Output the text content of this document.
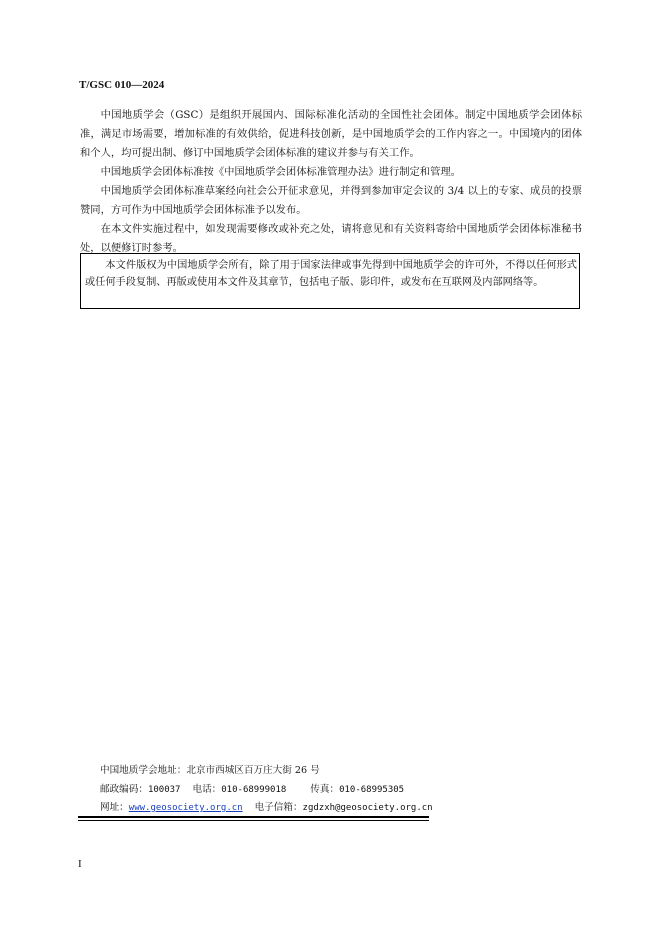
T/GSC 010—2024

中国地质学会（GSC）是组织开展国内、国际标准化活动的全国性社会团体。制定中国地质学会团体标准，满足市场需要，增加标准的有效供给，促进科技创新，是中国地质学会的工作内容之一。中国境内的团体和个人，均可提出制、修订中国地质学会团体标准的建议并参与有关工作。

中国地质学会团体标准按《中国地质学会团体标准管理办法》进行制定和管理。

中国地质学会团体标准草案经向社会公开征求意见，并得到参加审定会议的 3/4 以上的专家、成员的投票赞同，方可作为中国地质学会团体标准予以发布。

在本文件实施过程中，如发现需要修改或补充之处，请将意见和有关资料寄给中国地质学会团体标准秘书处，以便修订时参考。

本文件版权为中国地质学会所有，除了用于国家法律或事先得到中国地质学会的许可外，不得以任何形式或任何手段复制、再版或使用本文件及其章节，包括电子版、影印件，或发布在互联网及内部网络等。

中国地质学会地址：北京市西城区百万庄大街 26 号
邮政编码：100037 电话：010-68999018	传真：010-68995305
网址：www.geosociety.org.cn 电子信箱：zgdzxh@geosociety.org.cn
I
